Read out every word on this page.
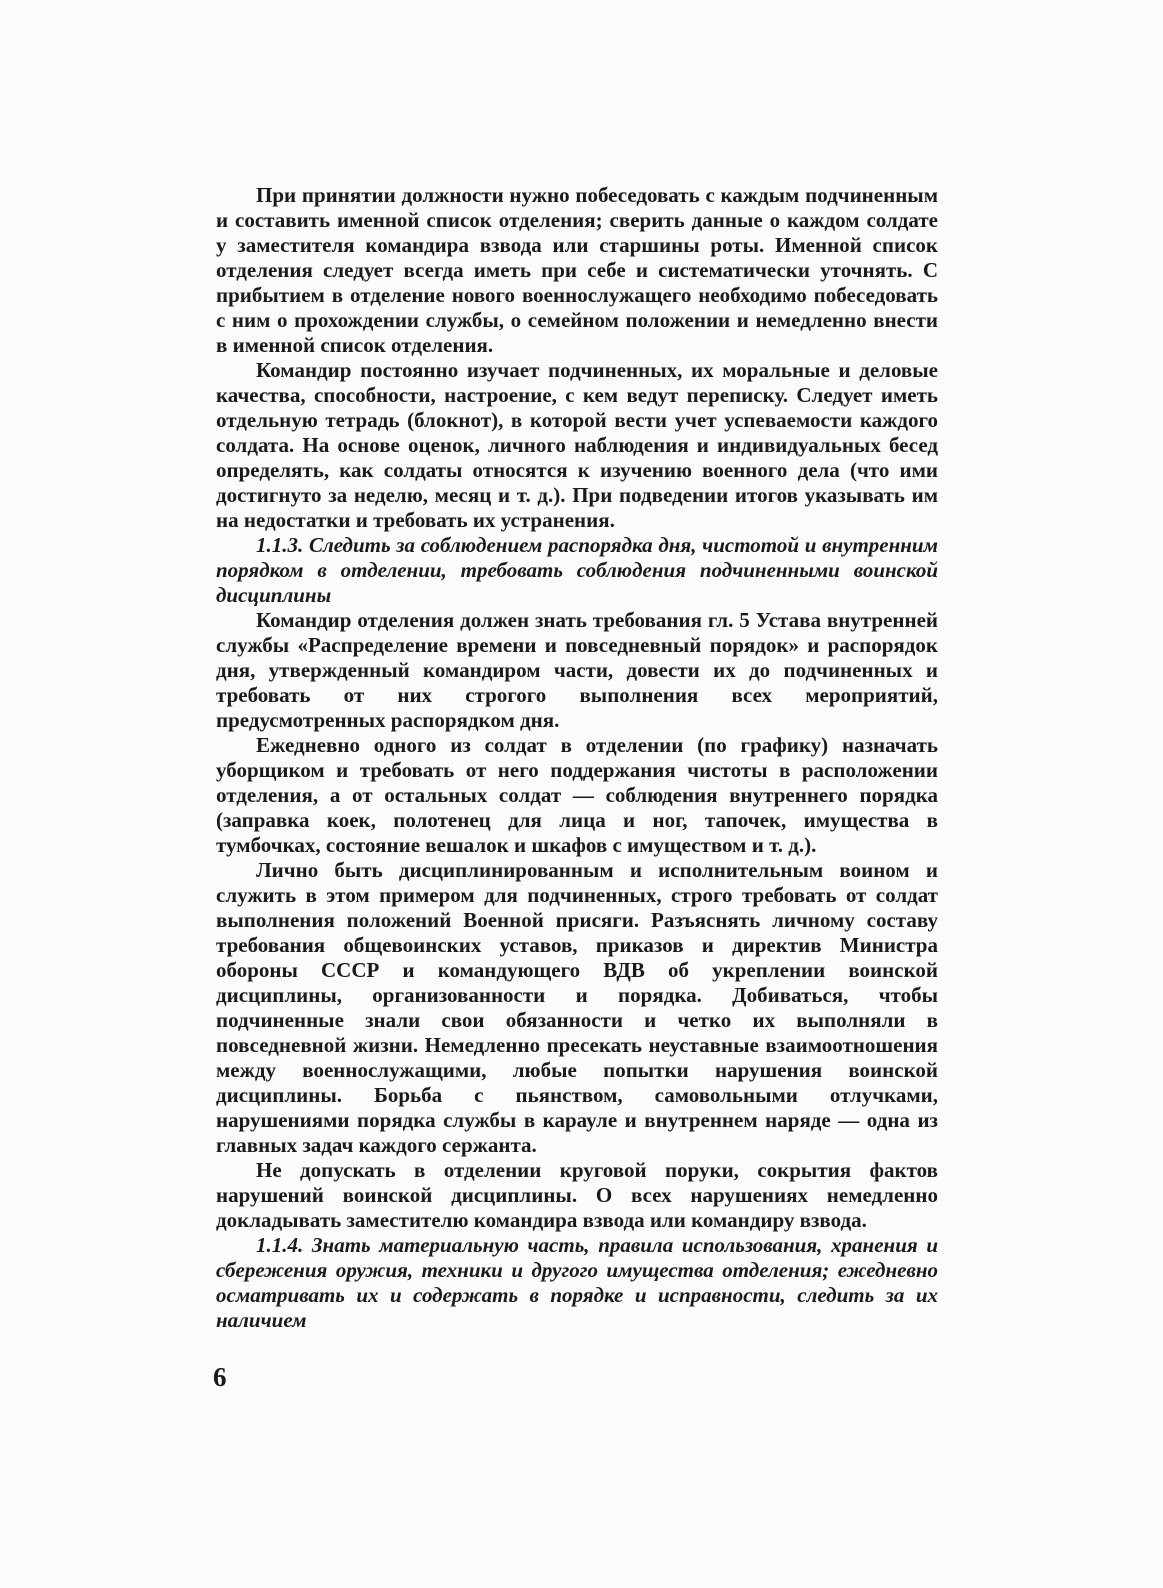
При принятии должности нужно побеседовать с каждым подчиненным и составить именной список отделения; сверить данные о каждом солдате у заместителя командира взвода или старшины роты. Именной список отделения следует всегда иметь при себе и систематически уточнять. С прибытием в отделение нового военнослужащего необходимо побеседовать с ним о прохождении службы, о семейном положении и немедленно внести в именной список отделения.

Командир постоянно изучает подчиненных, их моральные и деловые качества, способности, настроение, с кем ведут переписку. Следует иметь отдельную тетрадь (блокнот), в которой вести учет успеваемости каждого солдата. На основе оценок, личного наблюдения и индивидуальных бесед определять, как солдаты относятся к изучению военного дела (что ими достигнуто за неделю, месяц и т. д.). При подведении итогов указывать им на недостатки и требовать их устранения.

1.1.3. Следить за соблюдением распорядка дня, чистотой и внутренним порядком в отделении, требовать соблюдения подчиненными воинской дисциплины

Командир отделения должен знать требования гл. 5 Устава внутренней службы «Распределение времени и повседневный порядок» и распорядок дня, утвержденный командиром части, довести их до подчиненных и требовать от них строгого выполнения всех мероприятий, предусмотренных распорядком дня.

Ежедневно одного из солдат в отделении (по графику) назначать уборщиком и требовать от него поддержания чистоты в расположении отделения, а от остальных солдат — соблюдения внутреннего порядка (заправка коек, полотенец для лица и ног, тапочек, имущества в тумбочках, состояние вешалок и шкафов с имуществом и т. д.).

Лично быть дисциплинированным и исполнительным воином и служить в этом примером для подчиненных, строго требовать от солдат выполнения положений Военной присяги. Разъяснять личному составу требования общевоинских уставов, приказов и директив Министра обороны СССР и командующего ВДВ об укреплении воинской дисциплины, организованности и порядка. Добиваться, чтобы подчиненные знали свои обязанности и четко их выполняли в повседневной жизни. Немедленно пресекать неуставные взаимоотношения между военнослужащими, любые попытки нарушения воинской дисциплины. Борьба с пьянством, самовольными отлучками, нарушениями порядка службы в карауле и внутреннем наряде — одна из главных задач каждого сержанта.

Не допускать в отделении круговой поруки, сокрытия фактов нарушений воинской дисциплины. О всех нарушениях немедленно докладывать заместителю командира взвода или командиру взвода.

1.1.4. Знать материальную часть, правила использования, хранения и сбережения оружия, техники и другого имущества отделения; ежедневно осматривать их и содержать в порядке и исправности, следить за их наличием

6
